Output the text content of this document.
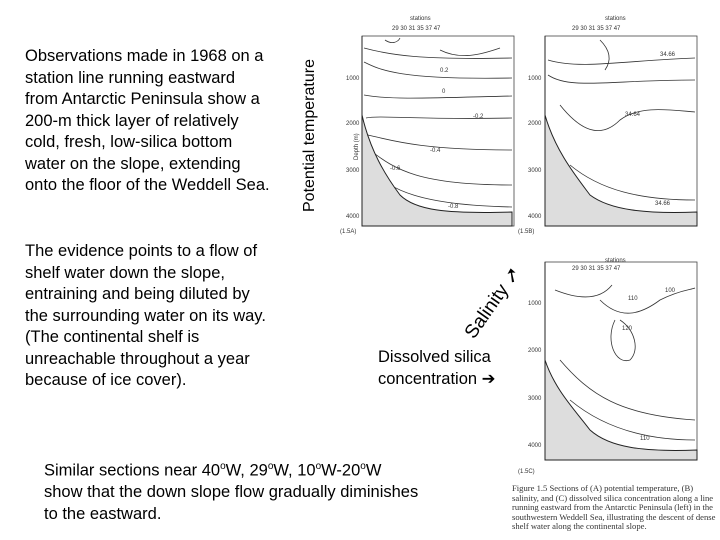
Observations made in 1968 on a station line running eastward from Antarctic Peninsula show a 200-m thick layer of relatively cold, fresh, low-silica bottom water on the slope, extending onto the floor of the Weddell Sea.
The evidence points to a flow of shelf water down the slope, entraining and being diluted by the surrounding water on its way. (The continental shelf is unreachable throughout a year because of ice cover).
Similar sections near 40$^o$W, 29$^o$W, 10$^o$W-20$^o$W show that the down slope flow gradually diminishes to the eastward.
Potential temperature
Salinity ➚
Dissolved silica
concentration ➔
stations
29 30 31 35 37 47
(1.5A)
1000
2000
3000
4000
Depth (m)
0.2
0
-0.2
-0.4
-0.6
-0.8
stations
29 30 31 35 37 47
(1.5B)
1000
2000
3000
4000
34.66
34.64
34.66
stations
29 30 31 35 37 47
(1.5C)
1000
2000
3000
4000
100
110
120
110
Figure 1.5 Sections of (A) potential temperature, (B) salinity, and (C) dissolved silica concentration along a line running eastward from the Antarctic Peninsula (left) in the southwestern Weddell Sea, illustrating the descent of dense shelf water along the continental slope.
